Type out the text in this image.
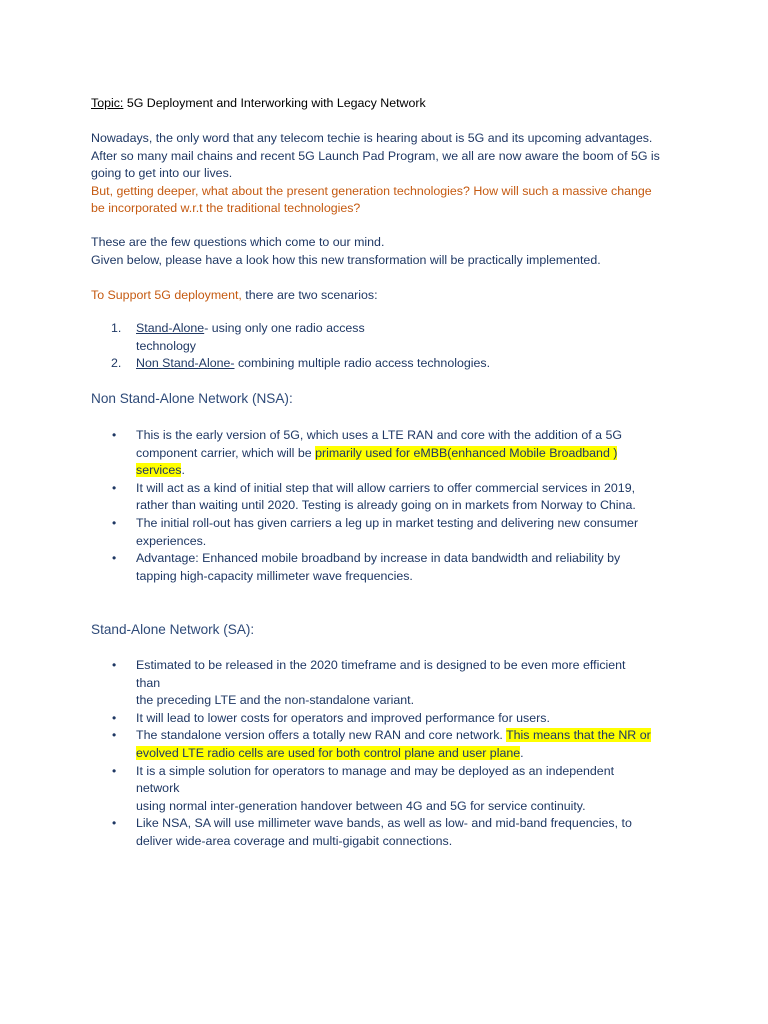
Topic: 5G Deployment and Interworking with Legacy Network
Nowadays, the only word that any telecom techie is hearing about is 5G and its upcoming advantages.
After so many mail chains and recent 5G Launch Pad Program, we all are now aware the boom of 5G is
going to get into our lives.
But, getting deeper, what about the present generation technologies? How will such a massive change
be incorporated w.r.t the traditional technologies?
These are the few questions which come to our mind.
Given below, please have a look how this new transformation will be practically implemented.
To Support 5G deployment, there are two scenarios:
1. Stand-Alone- using only one radio access
technology
2. Non Stand-Alone- combining multiple radio access technologies.
Non Stand-Alone Network (NSA):
• This is the early version of 5G, which uses a LTE RAN and core with the addition of a 5G
component carrier, which will be primarily used for eMBB(enhanced Mobile Broadband )
services.
• It will act as a kind of initial step that will allow carriers to offer commercial services in 2019,
rather than waiting until 2020. Testing is already going on in markets from Norway to China.
• The initial roll-out has given carriers a leg up in market testing and delivering new consumer
experiences.
• Advantage: Enhanced mobile broadband by increase in data bandwidth and reliability by
tapping high-capacity millimeter wave frequencies.
Stand-Alone Network (SA):
• Estimated to be released in the 2020 timeframe and is designed to be even more efficient than
the preceding LTE and the non-standalone variant.
• It will lead to lower costs for operators and improved performance for users.
• The standalone version offers a totally new RAN and core network. This means that the NR or
evolved LTE radio cells are used for both control plane and user plane.
• It is a simple solution for operators to manage and may be deployed as an independent network
using normal inter-generation handover between 4G and 5G for service continuity.
• Like NSA, SA will use millimeter wave bands, as well as low- and mid-band frequencies, to
deliver wide-area coverage and multi-gigabit connections.
